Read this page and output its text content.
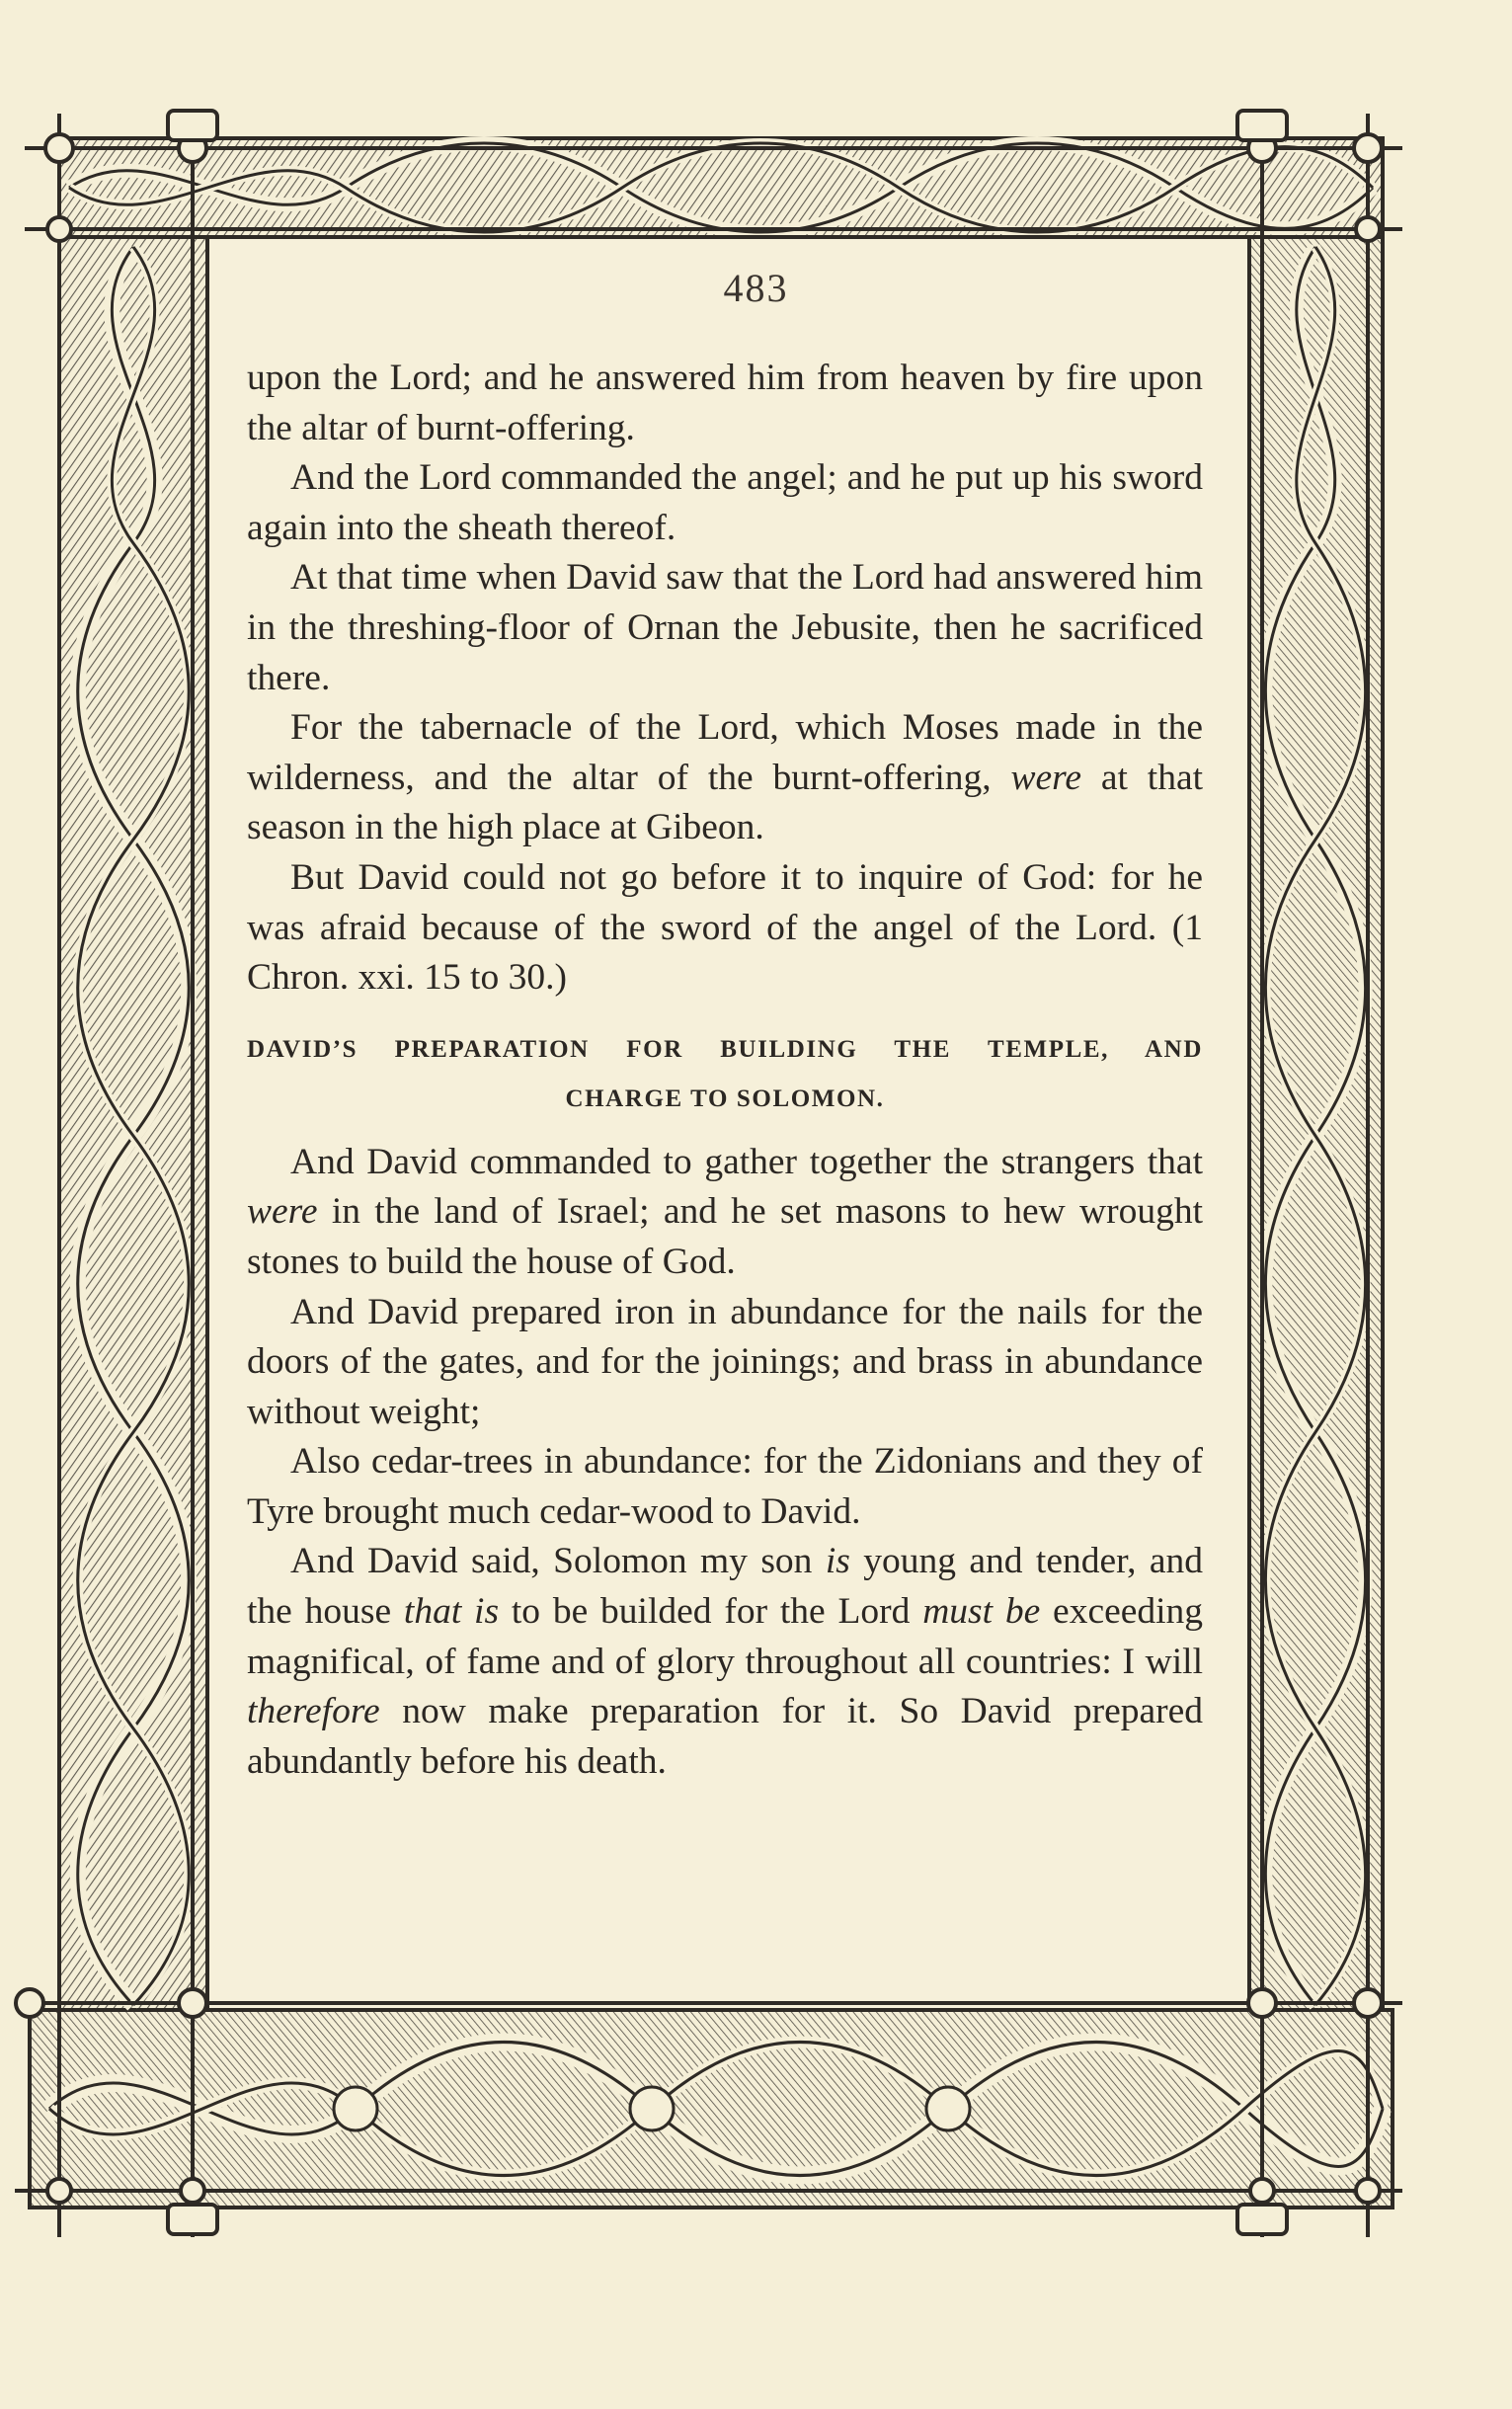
483

upon the Lord; and he answered him from heaven by fire upon the altar of burnt-offering.

And the Lord commanded the angel; and he put up his sword again into the sheath thereof.

At that time when David saw that the Lord had answered him in the threshing-floor of Ornan the Jebusite, then he sacrificed there.

For the tabernacle of the Lord, which Moses made in the wilderness, and the altar of the burnt-offering, were at that season in the high place at Gibeon.

But David could not go before it to inquire of God: for he was afraid because of the sword of the angel of the Lord. (1 Chron. xxi. 15 to 30.)

DAVID’S PREPARATION FOR BUILDING THE TEMPLE, AND
CHARGE TO SOLOMON.

And David commanded to gather together the strangers that were in the land of Israel; and he set masons to hew wrought stones to build the house of God.

And David prepared iron in abundance for the nails for the doors of the gates, and for the joinings; and brass in abundance without weight;

Also cedar-trees in abundance: for the Zidonians and they of Tyre brought much cedar-wood to David.

And David said, Solomon my son is young and tender, and the house that is to be builded for the Lord must be exceeding magnifical, of fame and of glory throughout all countries: I will therefore now make preparation for it. So David prepared abundantly before his death.
